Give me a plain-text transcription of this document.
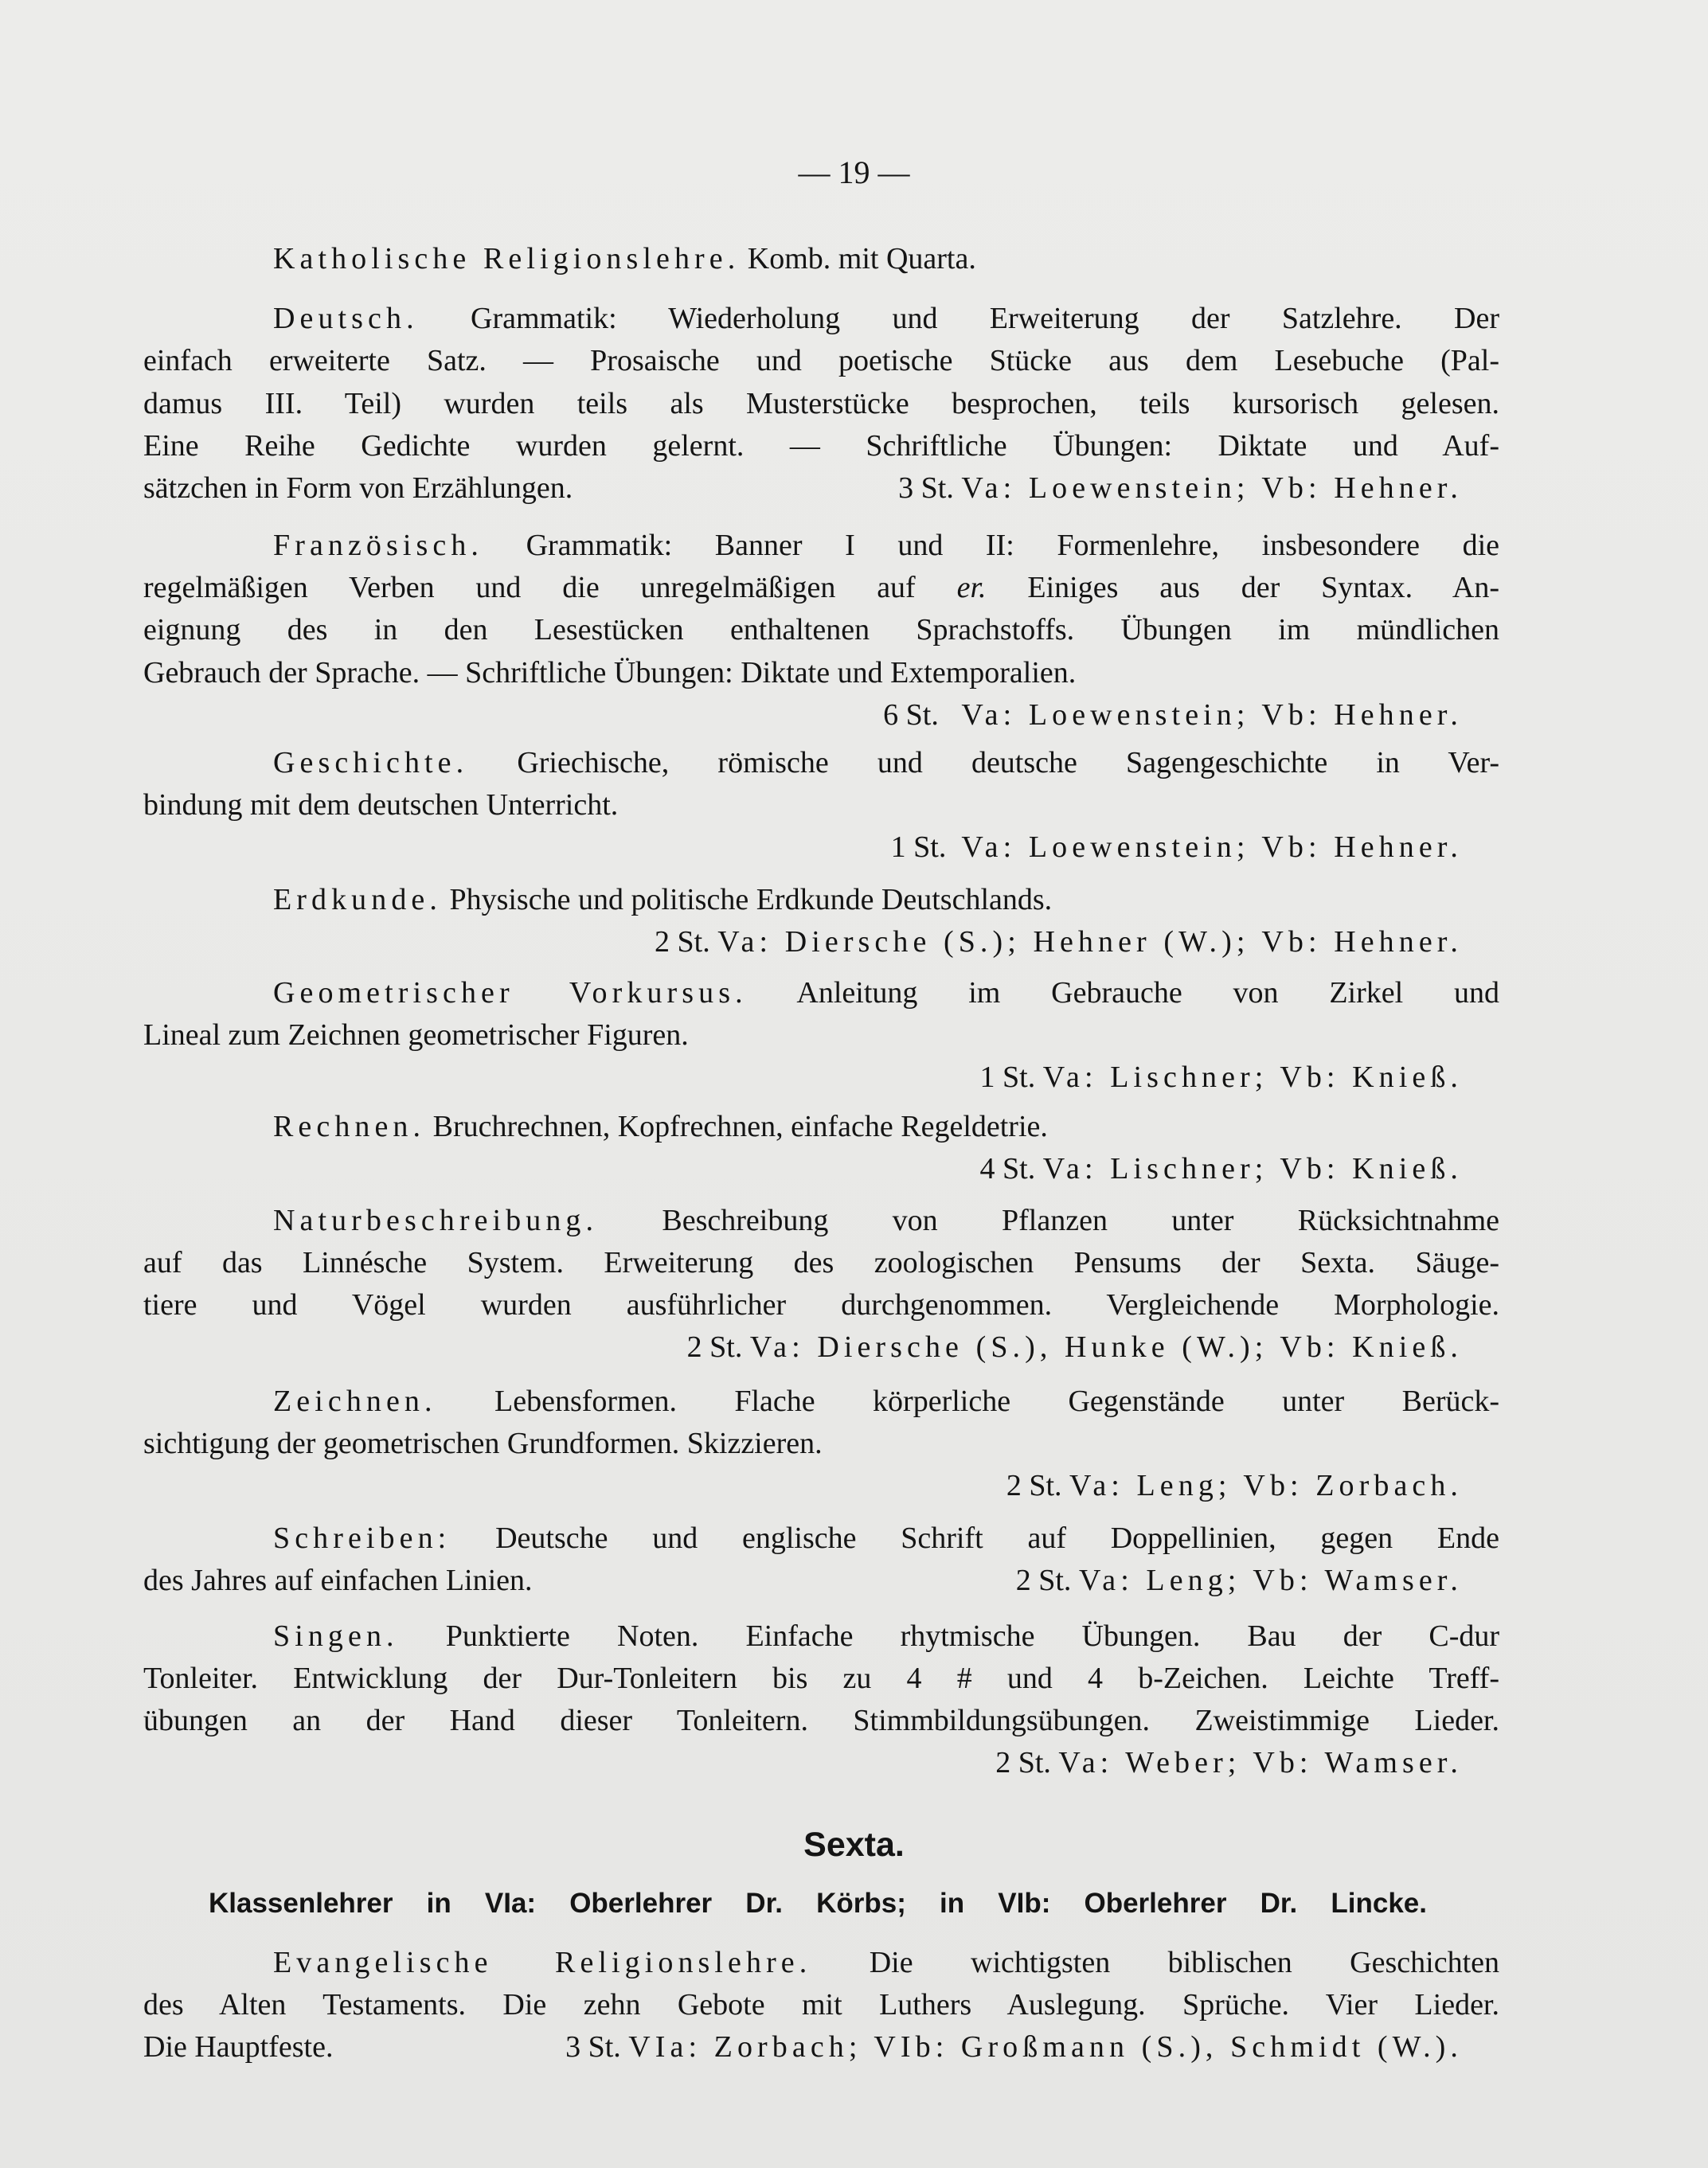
— 19 —
Katholische Religionslehre. Komb. mit Quarta.
Deutsch. Grammatik: Wiederholung und Erweiterung der Satzlehre. Der
einfach erweiterte Satz. — Prosaische und poetische Stücke aus dem Lesebuche (Pal-
damus III. Teil) wurden teils als Musterstücke besprochen, teils kursorisch gelesen.
Eine Reihe Gedichte wurden gelernt. — Schriftliche Übungen: Diktate und Auf-
sätzchen in Form von Erzählungen.	3 St. Va: Loewenstein; Vb: Hehner.
Französisch. Grammatik: Banner I und II: Formenlehre, insbesondere die
regelmäßigen Verben und die unregelmäßigen auf er. Einiges aus der Syntax. An-
eignung des in den Lesestücken enthaltenen Sprachstoffs. Übungen im mündlichen
Gebrauch der Sprache. — Schriftliche Übungen: Diktate und Extemporalien.
6 St. Va: Loewenstein; Vb: Hehner.
Geschichte. Griechische, römische und deutsche Sagengeschichte in Ver-
bindung mit dem deutschen Unterricht.
1 St. Va: Loewenstein; Vb: Hehner.
Erdkunde. Physische und politische Erdkunde Deutschlands.
2 St. Va: Diersche (S.); Hehner (W.); Vb: Hehner.
Geometrischer Vorkursus. Anleitung im Gebrauche von Zirkel und
Lineal zum Zeichnen geometrischer Figuren.
1 St. Va: Lischner; Vb: Knieß.
Rechnen. Bruchrechnen, Kopfrechnen, einfache Regeldetrie.
4 St. Va: Lischner; Vb: Knieß.
Naturbeschreibung. Beschreibung von Pflanzen unter Rücksichtnahme
auf das Linnésche System. Erweiterung des zoologischen Pensums der Sexta. Säuge-
tiere und Vögel wurden ausführlicher durchgenommen. Vergleichende Morphologie.
2 St. Va: Diersche (S.), Hunke (W.); Vb: Knieß.
Zeichnen. Lebensformen. Flache körperliche Gegenstände unter Berück-
sichtigung der geometrischen Grundformen. Skizzieren.
2 St. Va: Leng; Vb: Zorbach.
Schreiben: Deutsche und englische Schrift auf Doppellinien, gegen Ende
des Jahres auf einfachen Linien.	2 St. Va: Leng; Vb: Wamser.
Singen. Punktierte Noten. Einfache rhytmische Übungen. Bau der C-dur
Tonleiter. Entwicklung der Dur-Tonleitern bis zu 4 # und 4 b-Zeichen. Leichte Treff-
übungen an der Hand dieser Tonleitern. Stimmbildungsübungen. Zweistimmige Lieder.
2 St. Va: Weber; Vb: Wamser.
Sexta.
Klassenlehrer in VIa: Oberlehrer Dr. Körbs; in VIb: Oberlehrer Dr. Lincke.
Evangelische Religionslehre. Die wichtigsten biblischen Geschichten
des Alten Testaments. Die zehn Gebote mit Luthers Auslegung. Sprüche. Vier Lieder.
Die Hauptfeste.	3 St. VIa: Zorbach; VIb: Großmann (S.), Schmidt (W.).
